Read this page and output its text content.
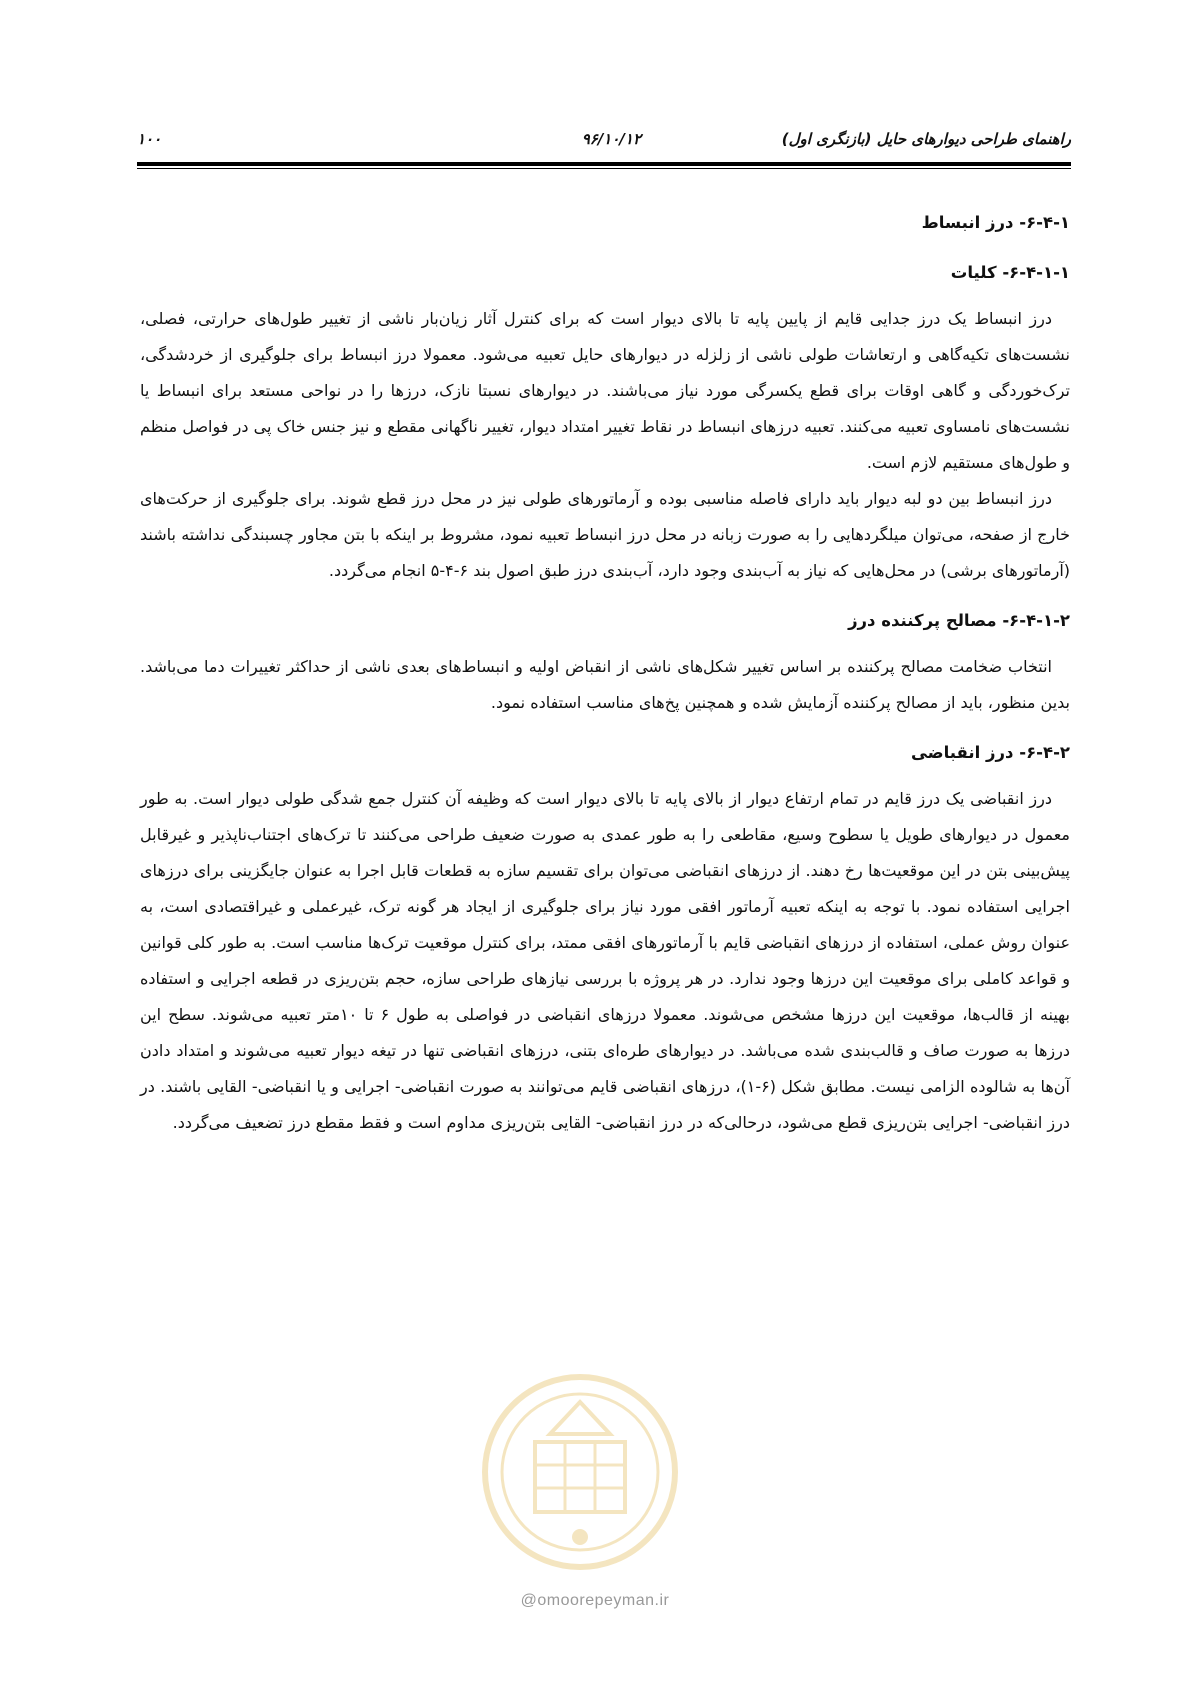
راهنمای طراحی دیوارهای حایل (بازنگری اول)
۹۶/۱۰/۱۲
۱۰۰
۶-۴-۱- درز انبساط
۶-۴-۱-۱- کلیات

درز انبساط یک درز جدایی قایم از پایین پایه تا بالای دیوار است که برای کنترل آثار زیان‌بار ناشی از تغییر طول‌های حرارتی، فصلی، نشست‌های تکیه‌گاهی و ارتعاشات طولی ناشی از زلزله در دیوارهای حایل تعبیه می‌شود. معمولا درز انبساط برای جلوگیری از خردشدگی، ترک‌خوردگی و گاهی اوقات برای قطع یکسرگی مورد نیاز می‌باشند. در دیوارهای نسبتا نازک، درزها را در نواحی مستعد برای انبساط یا نشست‌های نامساوی تعبیه می‌کنند. تعبیه درزهای انبساط در نقاط تغییر امتداد دیوار، تغییر ناگهانی مقطع و نیز جنس خاک پی در فواصل منظم و طول‌های مستقیم لازم است.

درز انبساط بین دو لبه دیوار باید دارای فاصله مناسبی بوده و آرماتورهای طولی نیز در محل درز قطع شوند. برای جلوگیری از حرکت‌های خارج از صفحه، می‌توان میلگردهایی را به صورت زبانه در محل درز انبساط تعبیه نمود، مشروط بر اینکه با بتن مجاور چسبندگی نداشته باشند (آرماتورهای برشی) در محل‌هایی که نیاز به آب‌بندی وجود دارد، آب‌بندی درز طبق اصول بند ۶-۴-۵ انجام می‌گردد.

۶-۴-۱-۲- مصالح پرکننده درز

انتخاب ضخامت مصالح پرکننده بر اساس تغییر شکل‌های ناشی از انقباض اولیه و انبساط‌های بعدی ناشی از حداکثر تغییرات دما می‌باشد. بدین منظور، باید از مصالح پرکننده آزمایش شده و همچنین پخ‌های مناسب استفاده نمود.

۶-۴-۲- درز انقباضی

درز انقباضی یک درز قایم در تمام ارتفاع دیوار از بالای پایه تا بالای دیوار است که وظیفه آن کنترل جمع شدگی طولی دیوار است. به طور معمول در دیوارهای طویل یا سطوح وسیع، مقاطعی را به طور عمدی به صورت ضعیف طراحی می‌کنند تا ترک‌های اجتناب‌ناپذیر و غیرقابل پیش‌بینی بتن در این موقعیت‌ها رخ دهند. از درزهای انقباضی می‌توان برای تقسیم سازه به قطعات قابل اجرا به عنوان جایگزینی برای درزهای اجرایی استفاده نمود. با توجه به اینکه تعبیه آرماتور افقی مورد نیاز برای جلوگیری از ایجاد هر گونه ترک، غیرعملی و غیراقتصادی است، به عنوان روش عملی، استفاده از درزهای انقباضی قایم با آرماتورهای افقی ممتد، برای کنترل موقعیت ترک‌ها مناسب است. به طور کلی قوانین و قواعد کاملی برای موقعیت این درزها وجود ندارد. در هر پروژه با بررسی نیازهای طراحی سازه، حجم بتن‌ریزی در قطعه اجرایی و استفاده بهینه از قالب‌ها، موقعیت این درزها مشخص می‌شوند. معمولا درزهای انقباضی در فواصلی به طول ۶ تا ۱۰متر تعبیه می‌شوند. سطح این درزها به صورت صاف و قالب‌بندی شده می‌باشد. در دیوارهای طره‌ای بتنی، درزهای انقباضی تنها در تیغه دیوار تعبیه می‌شوند و امتداد دادن آن‌ها به شالوده الزامی نیست. مطابق شکل (۶-۱)، درزهای انقباضی قایم می‌توانند به صورت انقباضی- اجرایی و یا انقباضی- القایی باشند. در درز انقباضی- اجرایی بتن‌ریزی قطع می‌شود، درحالی‌که در درز انقباضی- القایی بتن‌ریزی مداوم است و فقط مقطع درز تضعیف می‌گردد.

@omoorepeyman.ir
